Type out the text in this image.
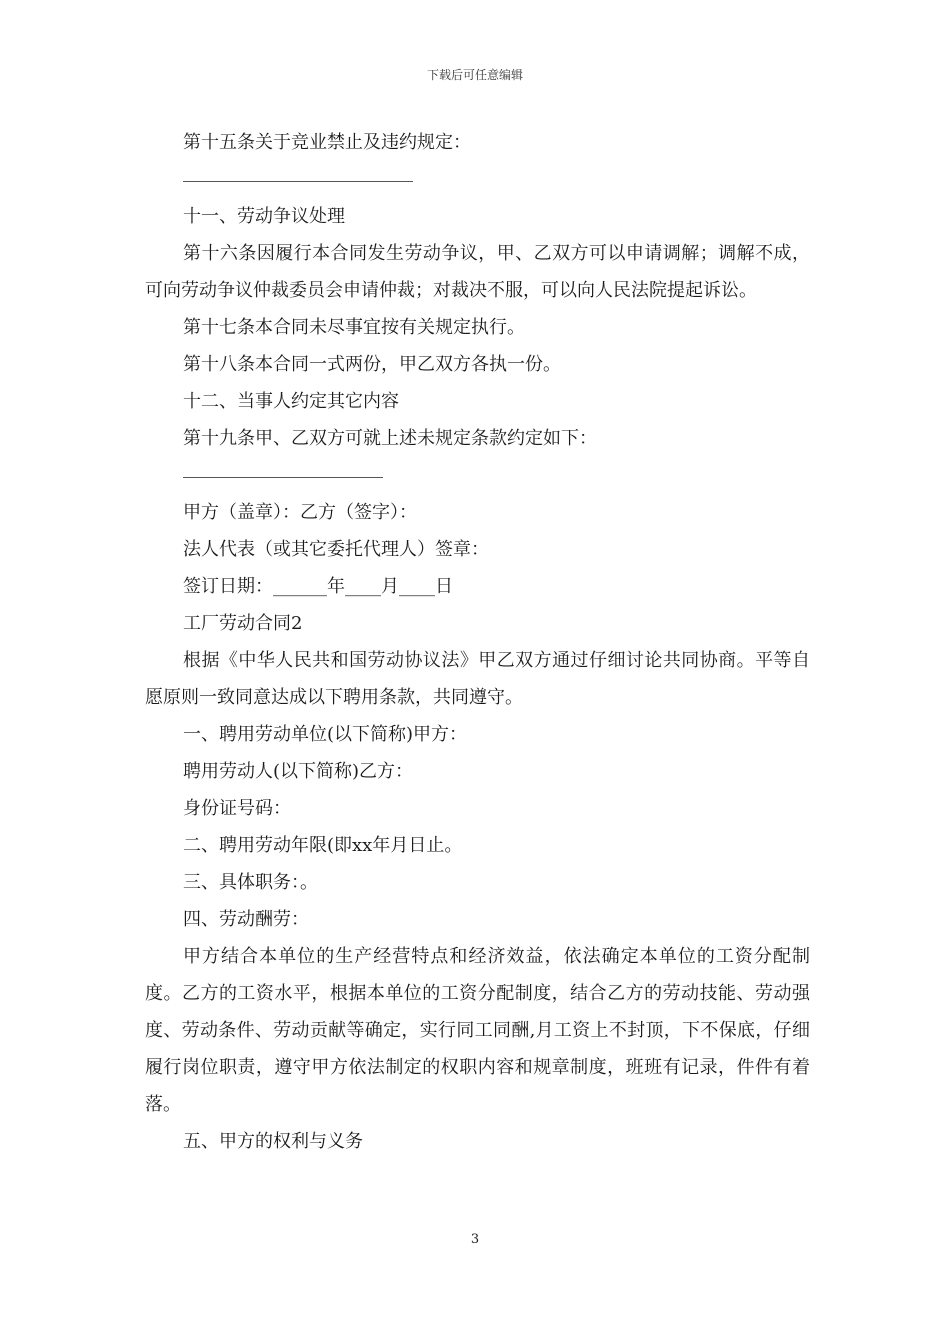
下载后可任意编辑

第十五条关于竞业禁止及违约规定：

十一、劳动争议处理

第十六条因履行本合同发生劳动争议，甲、乙双方可以申请调解；调解不成，可向劳动争议仲裁委员会申请仲裁；对裁决不服，可以向人民法院提起诉讼。

第十七条本合同未尽事宜按有关规定执行。

第十八条本合同一式两份，甲乙双方各执一份。

十二、当事人约定其它内容

第十九条甲、乙双方可就上述未规定条款约定如下：

甲方（盖章）：乙方（签字）：

法人代表（或其它委托代理人）签章：

签订日期：______年____月____日

工厂劳动合同2

根据《中华人民共和国劳动协议法》甲乙双方通过仔细讨论共同协商。平等自愿原则一致同意达成以下聘用条款，共同遵守。

一、聘用劳动单位(以下简称)甲方：

聘用劳动人(以下简称)乙方：

身份证号码：

二、聘用劳动年限(即xx年月日止。

三、具体职务：。

四、劳动酬劳：

甲方结合本单位的生产经营特点和经济效益，依法确定本单位的工资分配制度。乙方的工资水平，根据本单位的工资分配制度，结合乙方的劳动技能、劳动强度、劳动条件、劳动贡献等确定，实行同工同酬,月工资上不封顶，下不保底，仔细履行岗位职责，遵守甲方依法制定的权职内容和规章制度，班班有记录，件件有着落。

五、甲方的权利与义务

3
